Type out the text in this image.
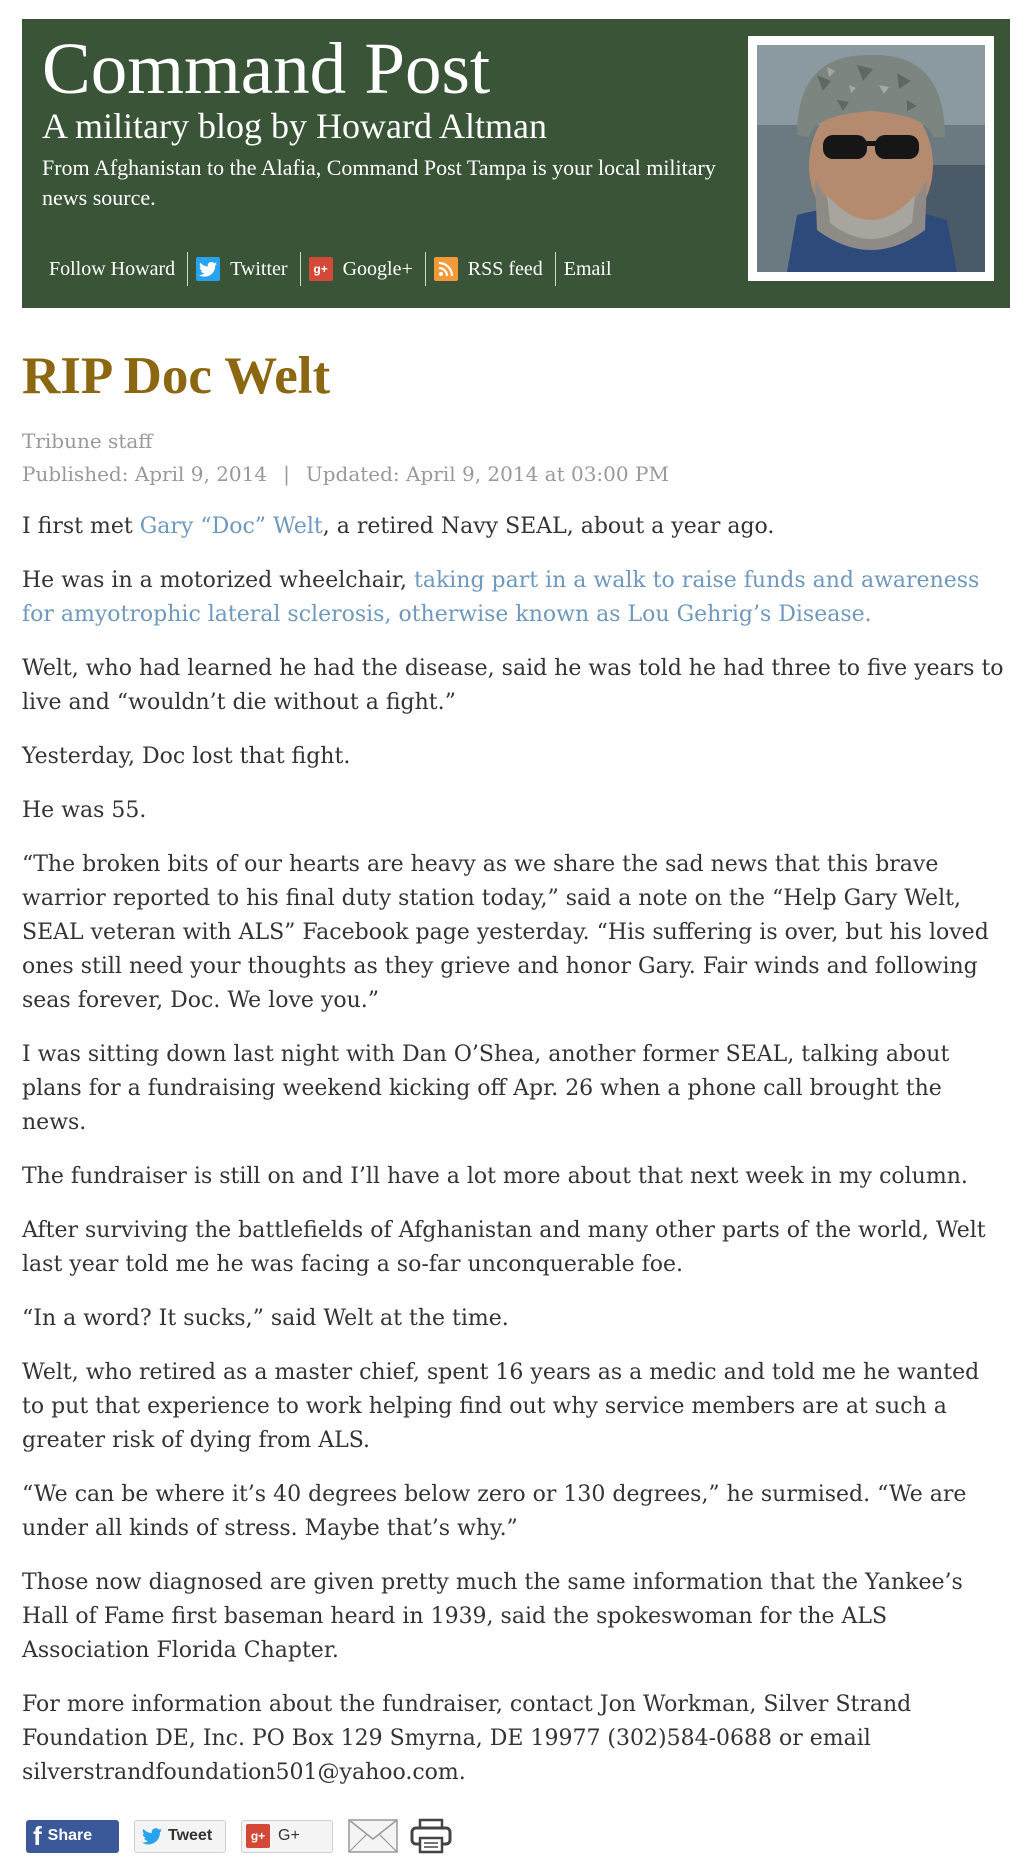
Command Post
A military blog by Howard Altman
From Afghanistan to the Alafia, Command Post Tampa is your local military news source.
Follow Howard	Twitter	g+ Google+	RSS feed Email
RIP Doc Welt
Tribune staff
Published: April 9, 2014 | Updated: April 9, 2014 at 03:00 PM

I first met Gary “Doc” Welt, a retired Navy SEAL, about a year ago.

He was in a motorized wheelchair, taking part in a walk to raise funds and awareness for amyotrophic lateral sclerosis, otherwise known as Lou Gehrig’s Disease.

Welt, who had learned he had the disease, said he was told he had three to five years to live and “wouldn’t die without a fight.”

Yesterday, Doc lost that fight.

He was 55.

“The broken bits of our hearts are heavy as we share the sad news that this brave warrior reported to his final duty station today,” said a note on the “Help Gary Welt, SEAL veteran with ALS” Facebook page yesterday. “His suffering is over, but his loved ones still need your thoughts as they grieve and honor Gary. Fair winds and following seas forever, Doc. We love you.”

I was sitting down last night with Dan O’Shea, another former SEAL, talking about plans for a fundraising weekend kicking off Apr. 26 when a phone call brought the news.

The fundraiser is still on and I’ll have a lot more about that next week in my column.

After surviving the battlefields of Afghanistan and many other parts of the world, Welt last year told me he was facing a so-far unconquerable foe.

“In a word? It sucks,” said Welt at the time.

Welt, who retired as a master chief, spent 16 years as a medic and told me he wanted to put that experience to work helping find out why service members are at such a greater risk of dying from ALS.

“We can be where it’s 40 degrees below zero or 130 degrees,” he surmised. “We are under all kinds of stress. Maybe that’s why.”

Those now diagnosed are given pretty much the same information that the Yankee’s Hall of Fame first baseman heard in 1939, said the spokeswoman for the ALS Association Florida Chapter.

For more information about the fundraiser, contact Jon Workman, Silver Strand Foundation DE, Inc. PO Box 129 Smyrna, DE 19977 (302)584-0688 or email silverstrandfoundation501@yahoo.com.

f Share	Tweet	g+ G+
